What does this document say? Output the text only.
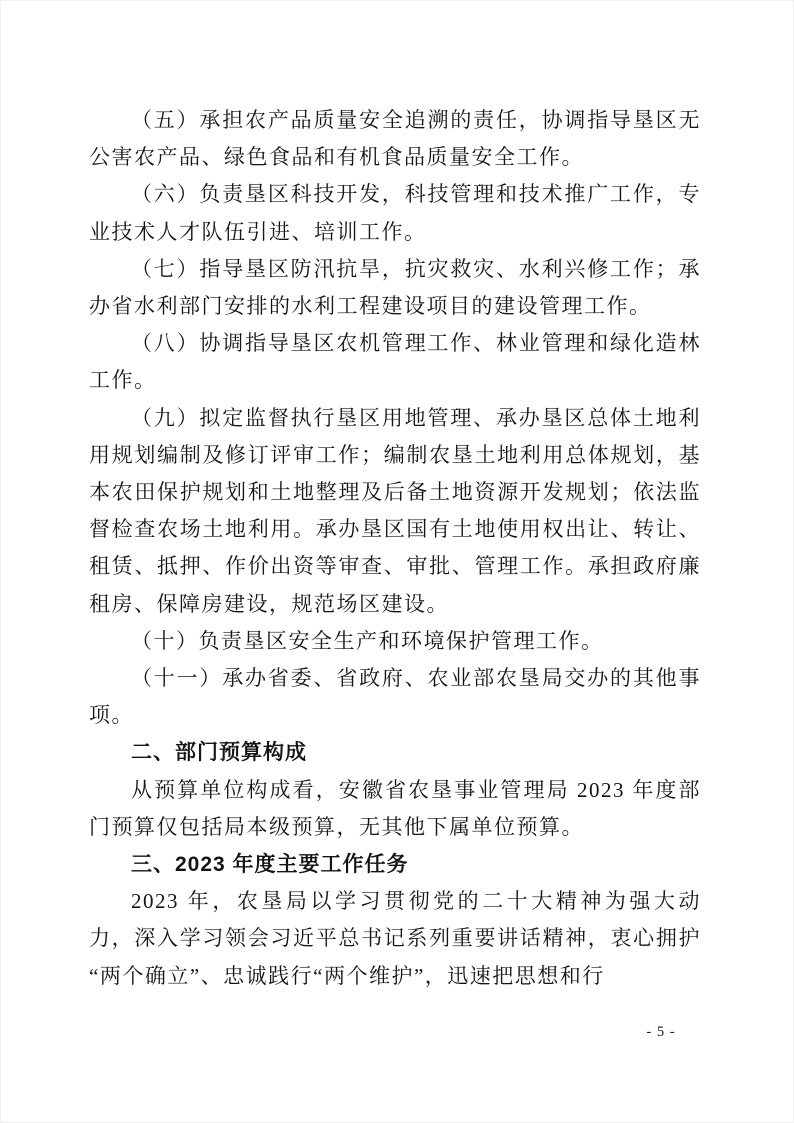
（五）承担农产品质量安全追溯的责任，协调指导垦区无公害农产品、绿色食品和有机食品质量安全工作。

（六）负责垦区科技开发，科技管理和技术推广工作，专业技术人才队伍引进、培训工作。

（七）指导垦区防汛抗旱，抗灾救灾、水利兴修工作；承办省水利部门安排的水利工程建设项目的建设管理工作。

（八）协调指导垦区农机管理工作、林业管理和绿化造林工作。

（九）拟定监督执行垦区用地管理、承办垦区总体土地利用规划编制及修订评审工作；编制农垦土地利用总体规划，基本农田保护规划和土地整理及后备土地资源开发规划；依法监督检查农场土地利用。承办垦区国有土地使用权出让、转让、租赁、抵押、作价出资等审查、审批、管理工作。承担政府廉租房、保障房建设，规范场区建设。

（十）负责垦区安全生产和环境保护管理工作。

（十一）承办省委、省政府、农业部农垦局交办的其他事项。

二、部门预算构成

从预算单位构成看，安徽省农垦事业管理局 2023 年度部门预算仅包括局本级预算，无其他下属单位预算。

三、2023 年度主要工作任务

2023 年，农垦局以学习贯彻党的二十大精神为强大动力，深入学习领会习近平总书记系列重要讲话精神，衷心拥护“两个确立”、忠诚践行“两个维护”，迅速把思想和行

- 5 -
